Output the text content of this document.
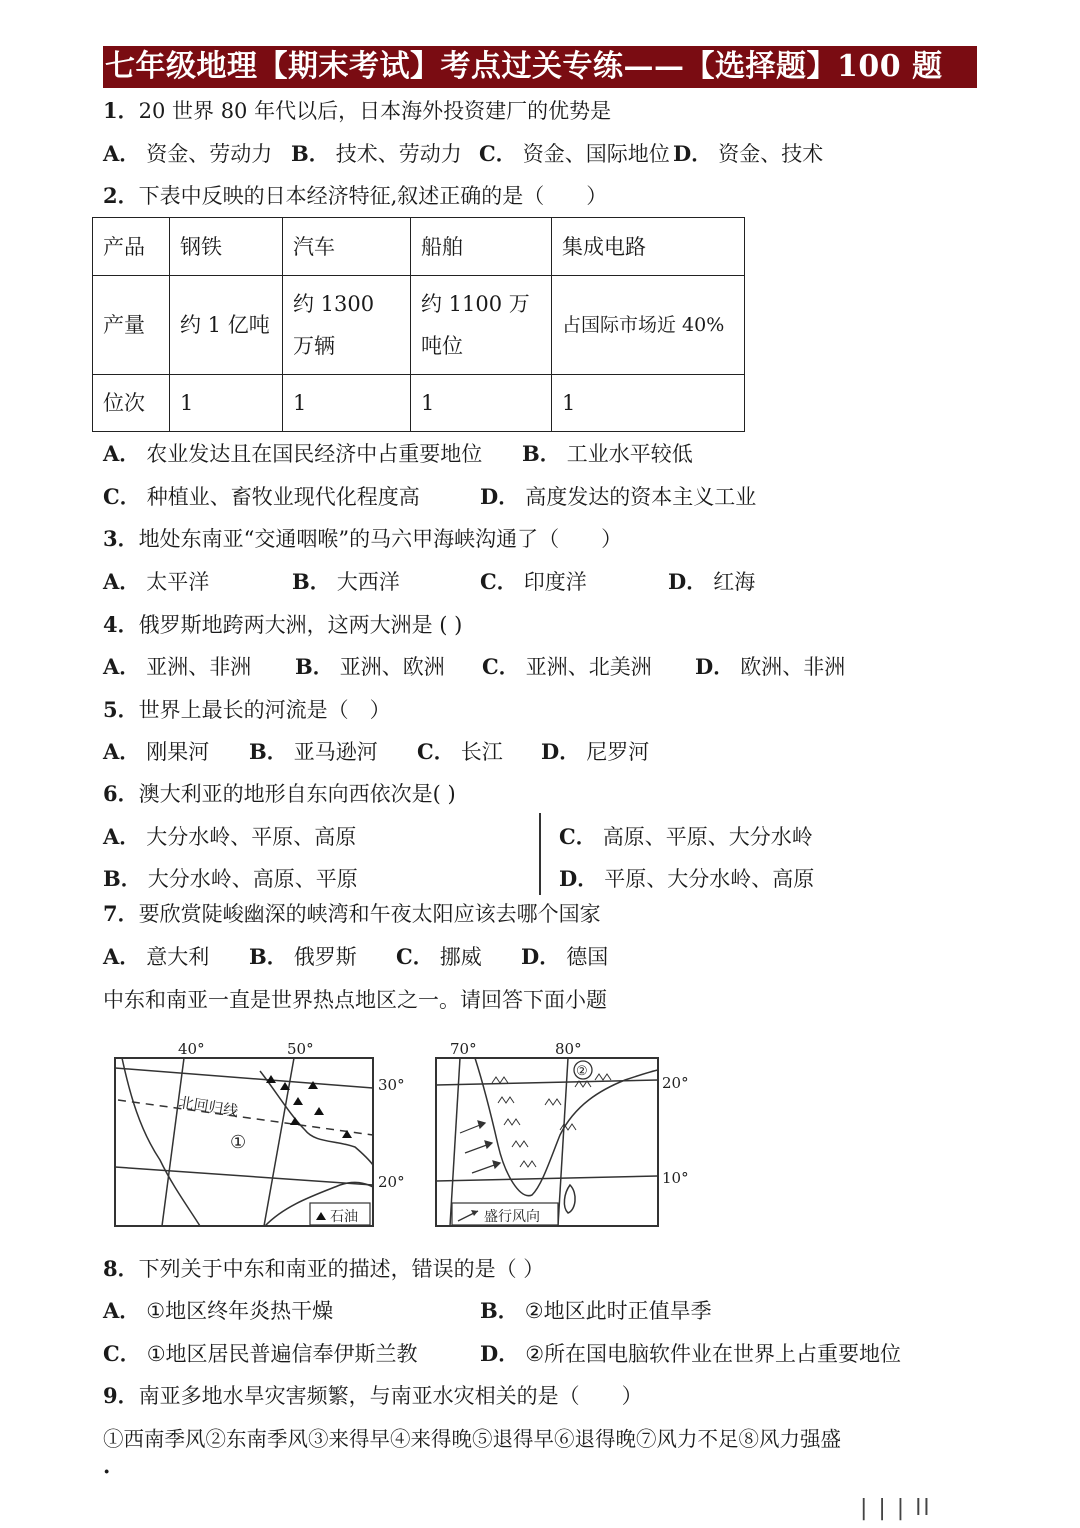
七年级地理【期末考试】考点过关专练——【选择题】100 题
1．20 世界 80 年代以后，日本海外投资建厂的优势是
A． 资金、劳动力 B． 技术、劳动力 C． 资金、国际地位 D． 资金、技术
2．下表中反映的日本经济特征,叙述正确的是（　　）
产品	钢铁	汽车	船舶	集成电路
产量	约 1 亿吨	约 1300 万辆	约 1100 万吨位	占国际市场近 40%
位次	1	1	1	1
A． 农业发达且在国民经济中占重要地位 B． 工业水平较低
C． 种植业、畜牧业现代化程度高	D． 高度发达的资本主义工业
3．地处东南亚“交通咽喉”的马六甲海峡沟通了（　　）
A． 太平洋	B． 大西洋	C． 印度洋	D． 红海
4．俄罗斯地跨两大洲，这两大洲是 ( )
A． 亚洲、非洲 B． 亚洲、欧洲 C． 亚洲、北美洲 D． 欧洲、非洲
5．世界上最长的河流是（　）
A． 刚果河 B． 亚马逊河 C． 长江 D． 尼罗河
6．澳大利亚的地形自东向西依次是( )
A． 大分水岭、平原、高原	C． 高原、平原、大分水岭
B． 大分水岭、高原、平原	D． 平原、大分水岭、高原
7．要欣赏陡峻幽深的峡湾和午夜太阳应该去哪个国家
A． 意大利 B． 俄罗斯 C． 挪威 D． 德国
中东和南亚一直是世界热点地区之一。请回答下面小题
40°	50°
30°
20°
北回归线
①
石油
70°	80°
20°
10°
②
盛行风向
8．下列关于中东和南亚的描述，错误的是（ ）
A． ①地区终年炎热干燥	B． ②地区此时正值旱季
C． ①地区居民普遍信奉伊斯兰教	D． ②所在国电脑软件业在世界上占重要地位
9．南亚多地水旱灾害频繁，与南亚水灾相关的是（　　）
①西南季风②东南季风③来得早④来得晚⑤退得早⑥退得晚⑦风力不足⑧风力强盛
·
| | | ll
